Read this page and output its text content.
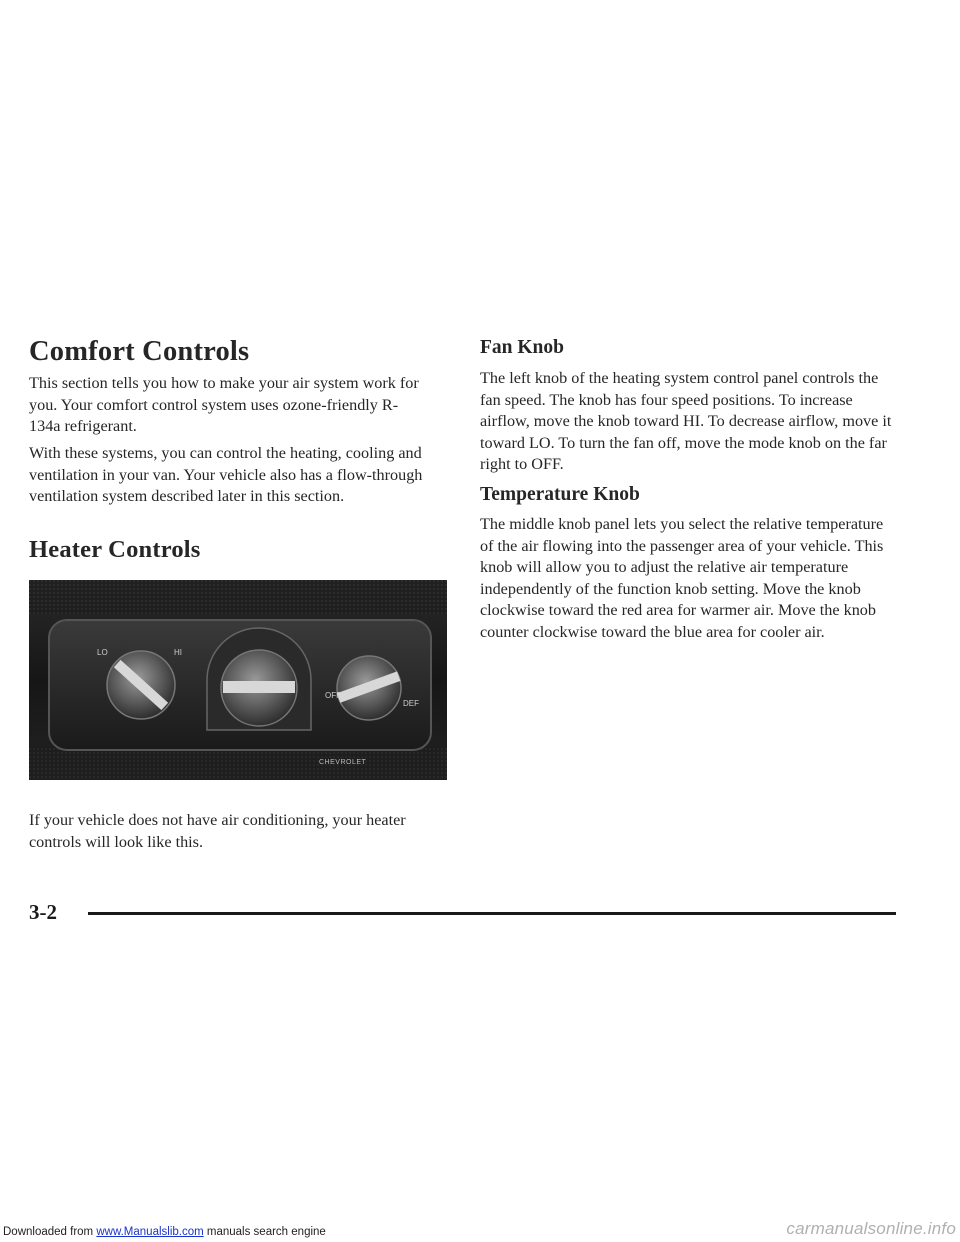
Comfort Controls

This section tells you how to make your air system work for you. Your comfort control system uses ozone-friendly R-134a refrigerant.

With these systems, you can control the heating, cooling and ventilation in your van. Your vehicle also has a flow-through ventilation system described later in this section.

Heater Controls
LO	HI
OFF
DEF
CHEVROLET

If your vehicle does not have air conditioning, your heater controls will look like this.

Fan Knob

The left knob of the heating system control panel controls the fan speed. The knob has four speed positions. To increase airflow, move the knob toward HI. To decrease airflow, move it toward LO. To turn the fan off, move the mode knob on the far right to OFF.

Temperature Knob

The middle knob panel lets you select the relative temperature of the air flowing into the passenger area of your vehicle. This knob will allow you to adjust the relative air temperature independently of the function knob setting. Move the knob clockwise toward the red area for warmer air. Move the knob counter clockwise toward the blue area for cooler air.

3-2
Downloaded from www.Manualslib.com manuals search engine	carmanualsonline.info
